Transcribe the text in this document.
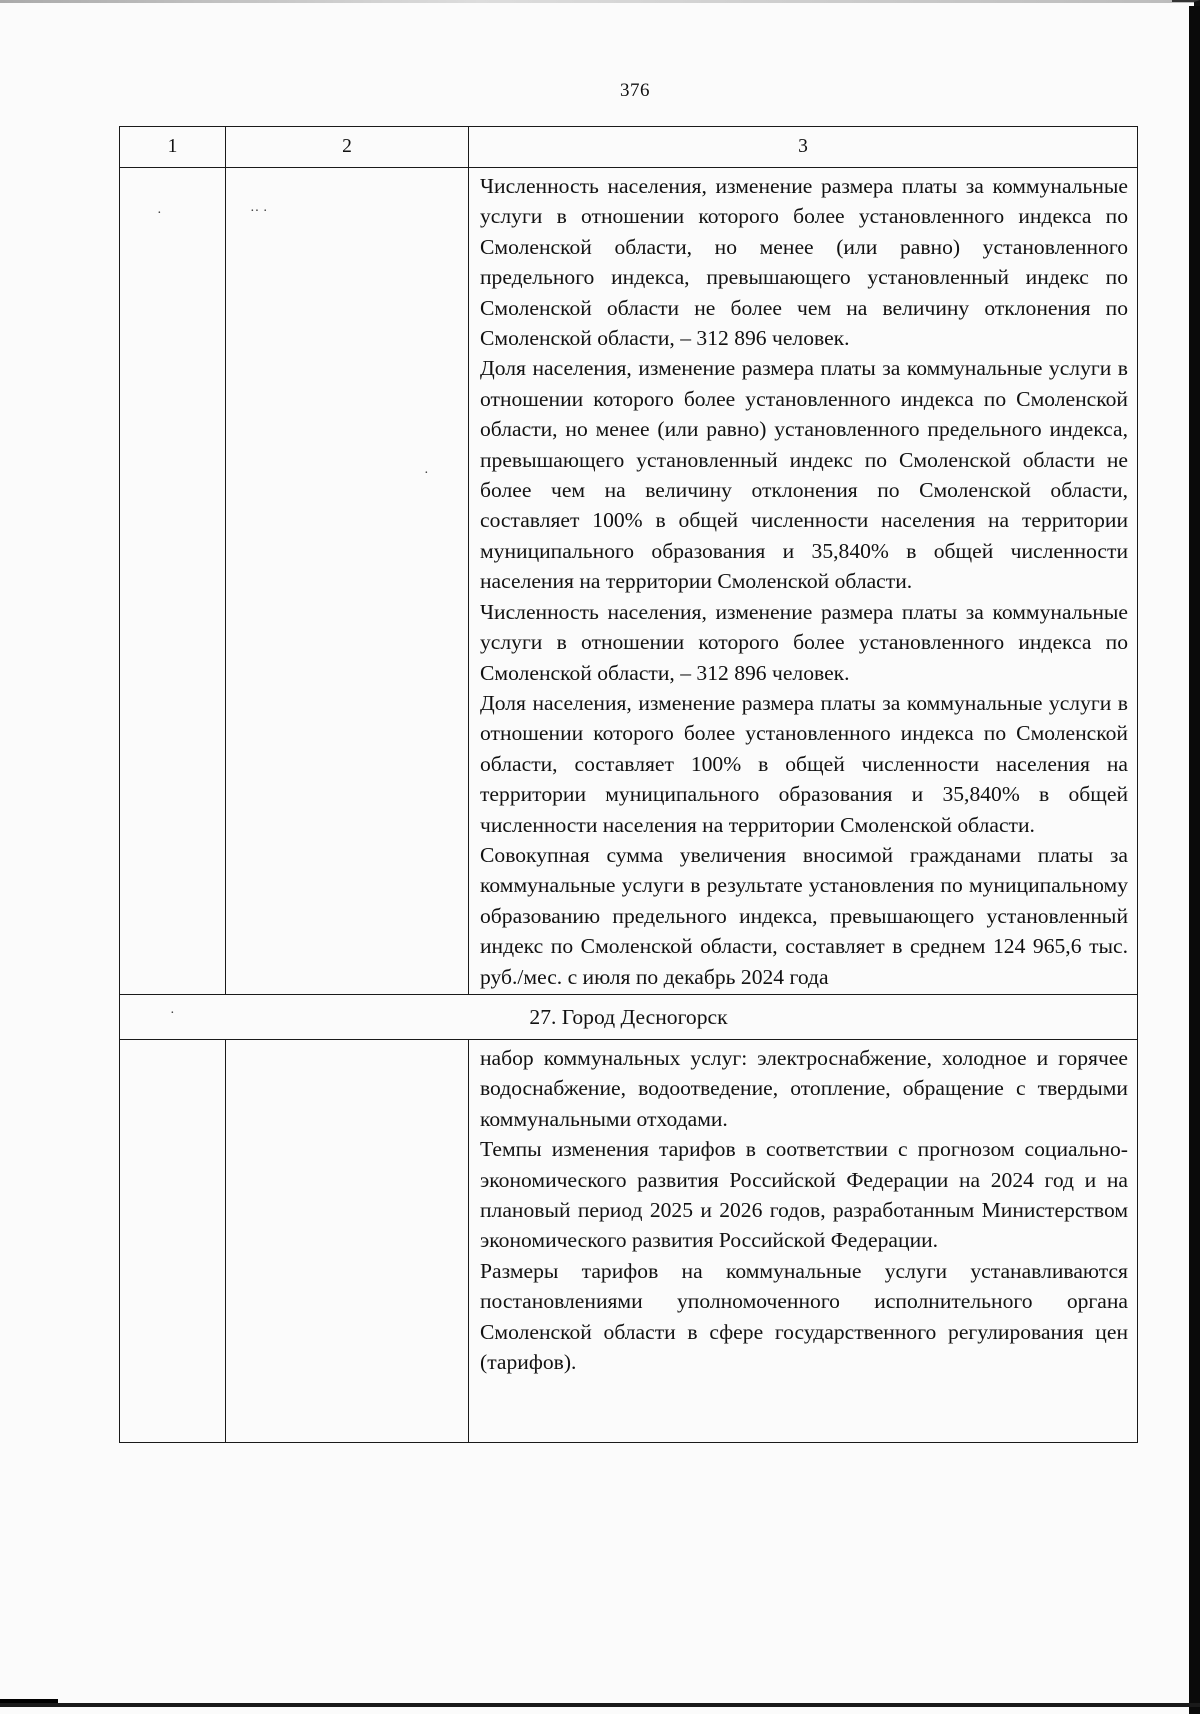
376
1	2	3

		Численность населения, изменение размера платы за коммунальные услуги в отношении которого более установленного индекса по Смоленской области, но менее (или равно) установленного предельного индекса, превышающего установленный индекс по Смоленской области не более чем на величину отклонения по Смоленской области, – 312 896 человек.

Доля населения, изменение размера платы за коммунальные услуги в отношении которого более установленного индекса по Смоленской области, но менее (или равно) установленного предельного индекса, превышающего установленный индекс по Смоленской области не более чем на величину отклонения по Смоленской области, составляет 100% в общей численности населения на территории муниципального образования и 35,840% в общей численности населения на территории Смоленской области.

Численность населения, изменение размера платы за коммунальные услуги в отношении которого более установленного индекса по Смоленской области, – 312 896 человек.

Доля населения, изменение размера платы за коммунальные услуги в отношении которого более установленного индекса по Смоленской области, составляет 100% в общей численности населения на территории муниципального образования и 35,840% в общей численности населения на территории Смоленской области.

Совокупная сумма увеличения вносимой гражданами платы за коммунальные услуги в результате установления по муниципальному образованию предельного индекса, превышающего установленный индекс по Смоленской области, составляет в среднем 124 965,6 тыс. руб./мес. с июля по декабрь 2024 года

27. Город Десногорск		

		набор коммунальных услуг: электроснабжение, холодное и горячее водоснабжение, водоотведение, отопление, обращение с твердыми коммунальными отходами.

Темпы изменения тарифов в соответствии с прогнозом социально-экономического развития Российской Федерации на 2024 год и на плановый период 2025 и 2026 годов, разработанным Министерством экономического развития Российской Федерации.

Размеры тарифов на коммунальные услуги устанавливаются постановлениями уполномоченного исполнительного органа Смоленской области в сфере государственного регулирования цен (тарифов).

·	·· ·
·
·
